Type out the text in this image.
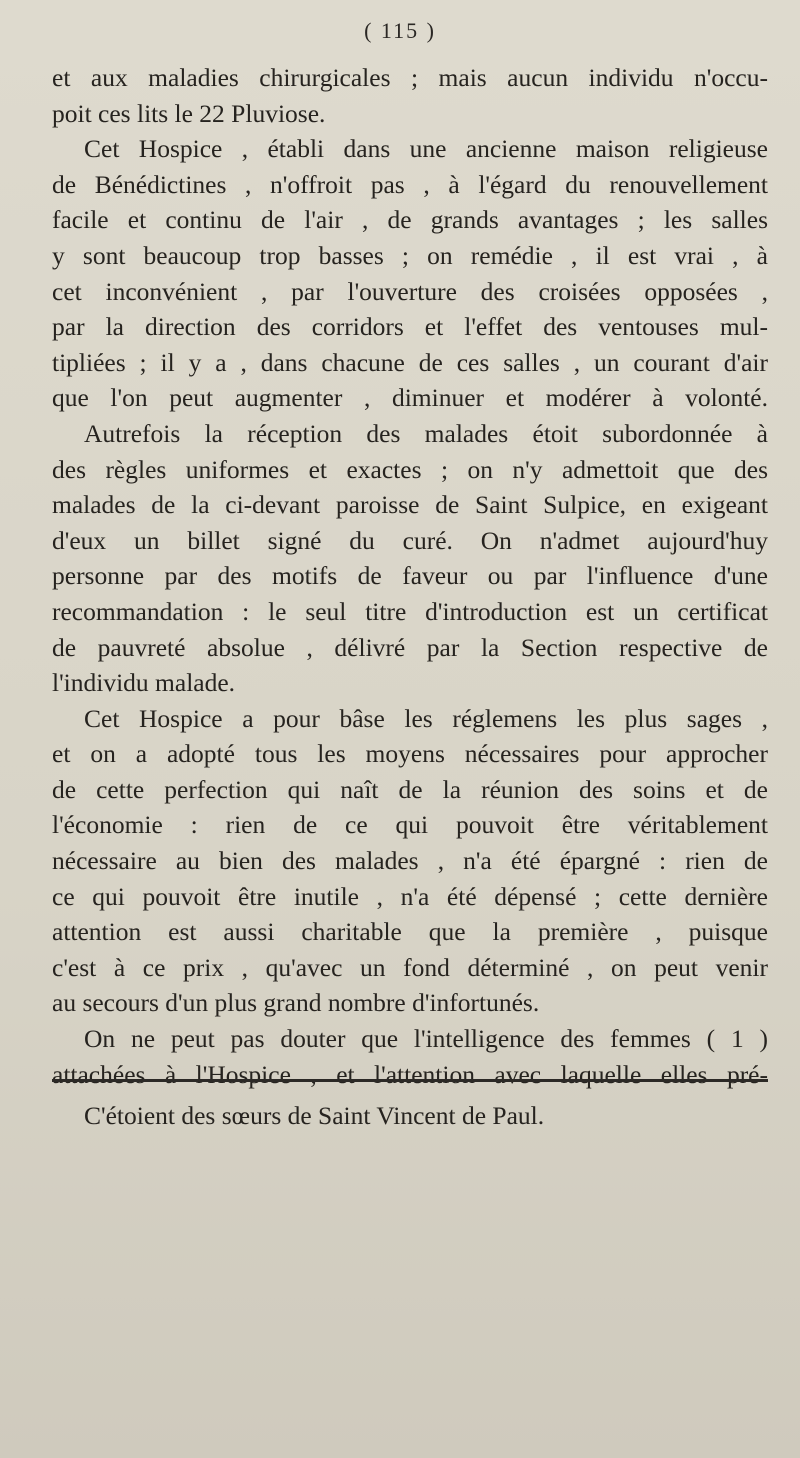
( 115 )
et aux maladies chirurgicales ; mais aucun individu n'occu-
poit ces lits le 22 Pluviose.
Cet Hospice , établi dans une ancienne maison religieuse
de Bénédictines , n'offroit pas , à l'égard du renouvellement
facile et continu de l'air , de grands avantages ; les salles
y sont beaucoup trop basses ; on remédie , il est vrai , à
cet inconvénient , par l'ouverture des croisées opposées ,
par la direction des corridors et l'effet des ventouses mul-
tipliées ; il y a , dans chacune de ces salles , un courant d'air
que l'on peut augmenter , diminuer et modérer à volonté.
Autrefois la réception des malades étoit subordonnée à
des règles uniformes et exactes ; on n'y admettoit que des
malades de la ci-devant paroisse de Saint Sulpice, en exigeant
d'eux un billet signé du curé. On n'admet aujourd'huy
personne par des motifs de faveur ou par l'influence d'une
recommandation : le seul titre d'introduction est un certificat
de pauvreté absolue , délivré par la Section respective de
l'individu malade.
Cet Hospice a pour bâse les réglemens les plus sages ,
et on a adopté tous les moyens nécessaires pour approcher
de cette perfection qui naît de la réunion des soins et de
l'économie : rien de ce qui pouvoit être véritablement
nécessaire au bien des malades , n'a été épargné : rien de
ce qui pouvoit être inutile , n'a été dépensé ; cette dernière
attention est aussi charitable que la première , puisque
c'est à ce prix , qu'avec un fond déterminé , on peut venir
au secours d'un plus grand nombre d'infortunés.
On ne peut pas douter que l'intelligence des femmes ( 1 )
attachées à l'Hospice , et l'attention avec laquelle elles pré-
C'étoient des sœurs de Saint Vincent de Paul.
